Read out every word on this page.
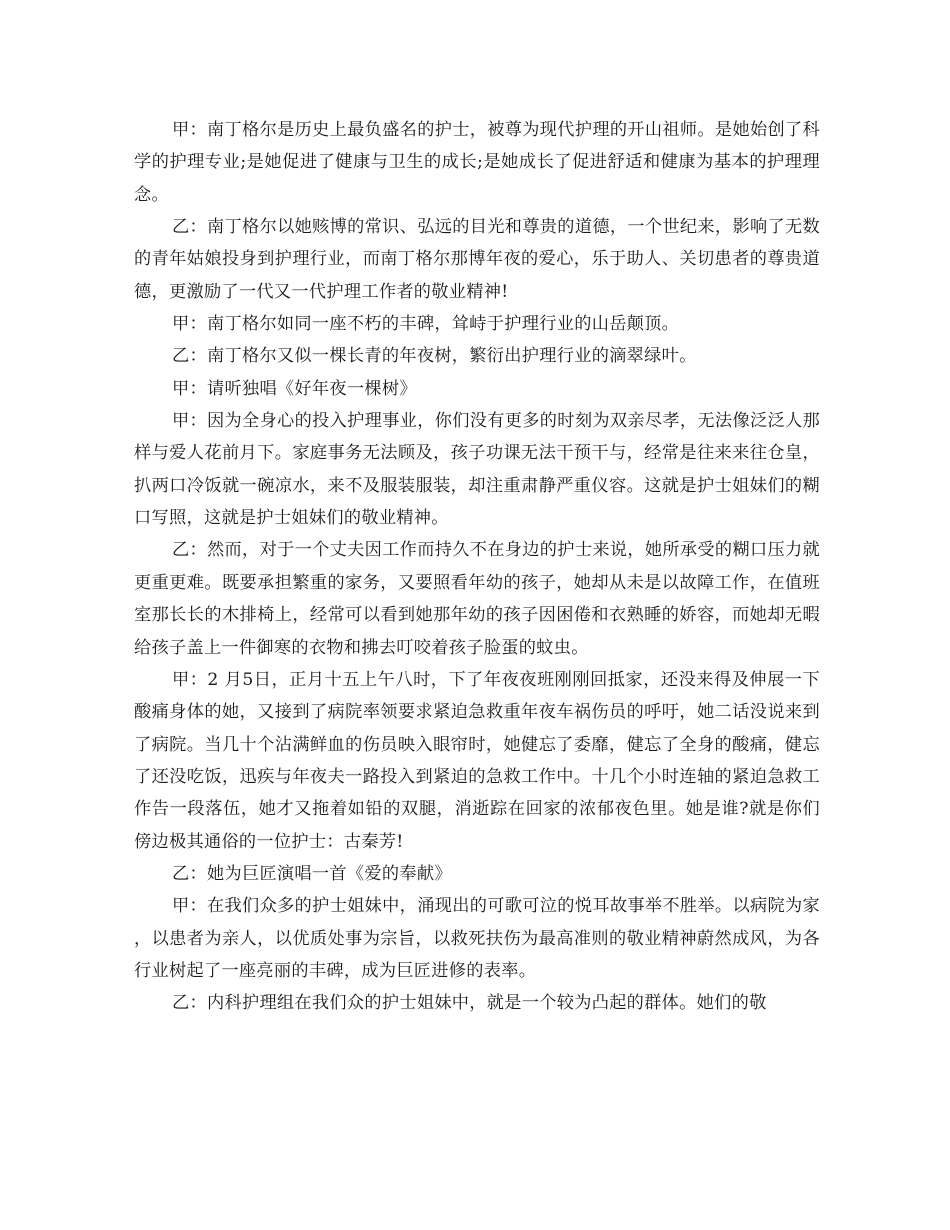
甲：南丁格尔是历史上最负盛名的护士，被尊为现代护理的开山祖师。是她始创了科学的护理专业;是她促进了健康与卫生的成长;是她成长了促进舒适和健康为基本的护理理念。

乙：南丁格尔以她赅博的常识、弘远的目光和尊贵的道德，一个世纪来，影响了无数的青年姑娘投身到护理行业，而南丁格尔那博年夜的爱心，乐于助人、关切患者的尊贵道德，更激励了一代又一代护理工作者的敬业精神!

甲：南丁格尔如同一座不朽的丰碑，耸峙于护理行业的山岳颠顶。

乙：南丁格尔又似一棵长青的年夜树，繁衍出护理行业的滴翠绿叶。

甲：请听独唱《好年夜一棵树》

甲：因为全身心的投入护理事业，你们没有更多的时刻为双亲尽孝，无法像泛泛人那样与爱人花前月下。家庭事务无法顾及，孩子功课无法干预干与，经常是往来来往仓皇，扒两口冷饭就一碗凉水，来不及服装服装，却注重肃静严重仪容。这就是护士姐妹们的糊口写照，这就是护士姐妹们的敬业精神。

乙：然而，对于一个丈夫因工作而持久不在身边的护士来说，她所承受的糊口压力就更重更难。既要承担繁重的家务，又要照看年幼的孩子，她却从未是以故障工作，在值班室那长长的木排椅上，经常可以看到她那年幼的孩子因困倦和衣熟睡的娇容，而她却无暇给孩子盖上一件御寒的衣物和拂去叮咬着孩子脸蛋的蚊虫。

甲：2 月5日，正月十五上午八时，下了年夜夜班刚刚回抵家，还没来得及伸展一下酸痛身体的她，又接到了病院率领要求紧迫急救重年夜车祸伤员的呼吁，她二话没说来到了病院。当几十个沾满鲜血的伤员映入眼帘时，她健忘了委靡，健忘了全身的酸痛，健忘了还没吃饭，迅疾与年夜夫一路投入到紧迫的急救工作中。十几个小时连轴的紧迫急救工作告一段落伍，她才又拖着如铅的双腿，消逝踪在回家的浓郁夜色里。她是谁?就是你们傍边极其通俗的一位护士：古秦芳!

乙：她为巨匠演唱一首《爱的奉献》

甲：在我们众多的护士姐妹中，涌现出的可歌可泣的悦耳故事举不胜举。以病院为家，以患者为亲人，以优质处事为宗旨，以救死扶伤为最高准则的敬业精神蔚然成风，为各行业树起了一座亮丽的丰碑，成为巨匠进修的表率。

乙：内科护理组在我们众的护士姐妹中，就是一个较为凸起的群体。她们的敬
